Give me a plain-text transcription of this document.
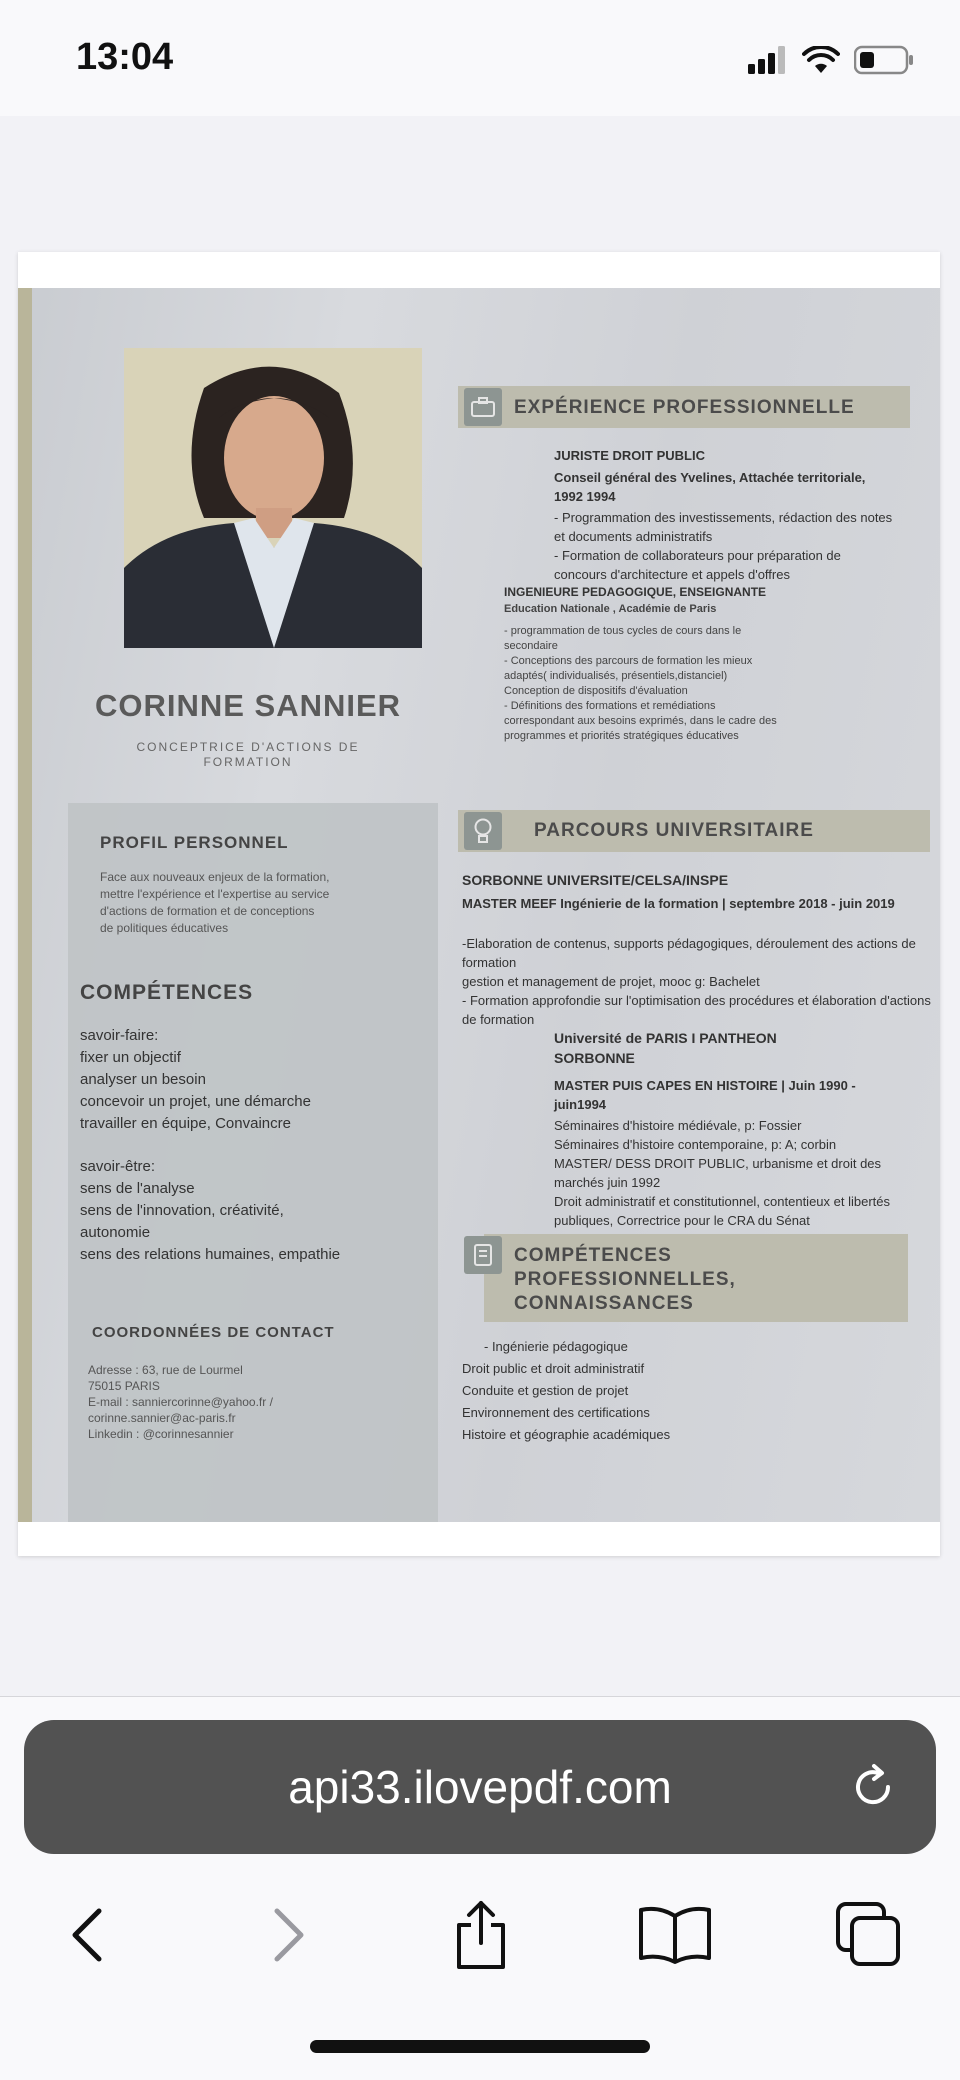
13:04
CORINNE SANNIER
CONCEPTRICE D'ACTIONS DE FORMATION
PROFIL PERSONNEL
Face aux nouveaux enjeux de la formation, mettre l'expérience et l'expertise au service d'actions de formation et de conceptions de politiques éducatives
COMPÉTENCES
savoir-faire:
fixer un objectif
analyser un besoin
concevoir un projet, une démarche
travailler en équipe, Convaincre
savoir-être:
sens de l'analyse
sens de l'innovation, créativité,
autonomie
sens des relations humaines, empathie
COORDONNÉES DE CONTACT
Adresse : 63, rue de Lourmel
75015 PARIS
E-mail : sanniercorinne@yahoo.fr /
corinne.sannier@ac-paris.fr
Linkedin : @corinnesannier
EXPÉRIENCE PROFESSIONNELLE
JURISTE DROIT PUBLIC
Conseil général des Yvelines, Attachée territoriale, 1992 1994
- Programmation des investissements, rédaction des notes et documents administratifs
- Formation de collaborateurs pour préparation de concours d'architecture et appels d'offres
INGENIEURE PEDAGOGIQUE, ENSEIGNANTE
Education Nationale , Académie de Paris
- programmation de tous cycles de cours dans le secondaire
- Conceptions des parcours de formation les mieux adaptés( individualisés, présentiels,distanciel)
Conception de dispositifs d'évaluation
- Définitions des formations et remédiations correspondant aux besoins exprimés, dans le cadre des programmes et priorités stratégiques éducatives
PARCOURS UNIVERSITAIRE
SORBONNE UNIVERSITE/CELSA/INSPE
MASTER MEEF Ingénierie de la formation | septembre 2018 - juin 2019
-Elaboration de contenus, supports pédagogiques, déroulement des actions de formation
gestion et management de projet, mooc g: Bachelet
- Formation approfondie sur l'optimisation des procédures et élaboration d'actions de formation
Université de PARIS I PANTHEON SORBONNE
MASTER PUIS CAPES EN HISTOIRE | Juin 1990 - juin1994
Séminaires d'histoire médiévale, p: Fossier
Séminaires d'histoire contemporaine, p: A; corbin
MASTER/ DESS DROIT PUBLIC, urbanisme et droit des marchés juin 1992
Droit administratif et constitutionnel, contentieux et libertés publiques, Correctrice pour le CRA du Sénat
COMPÉTENCES PROFESSIONNELLES, CONNAISSANCES
- Ingénierie pédagogique
Droit public et droit administratif
Conduite et gestion de projet
Environnement des certifications
Histoire et géographie académiques
api33.ilovepdf.com
